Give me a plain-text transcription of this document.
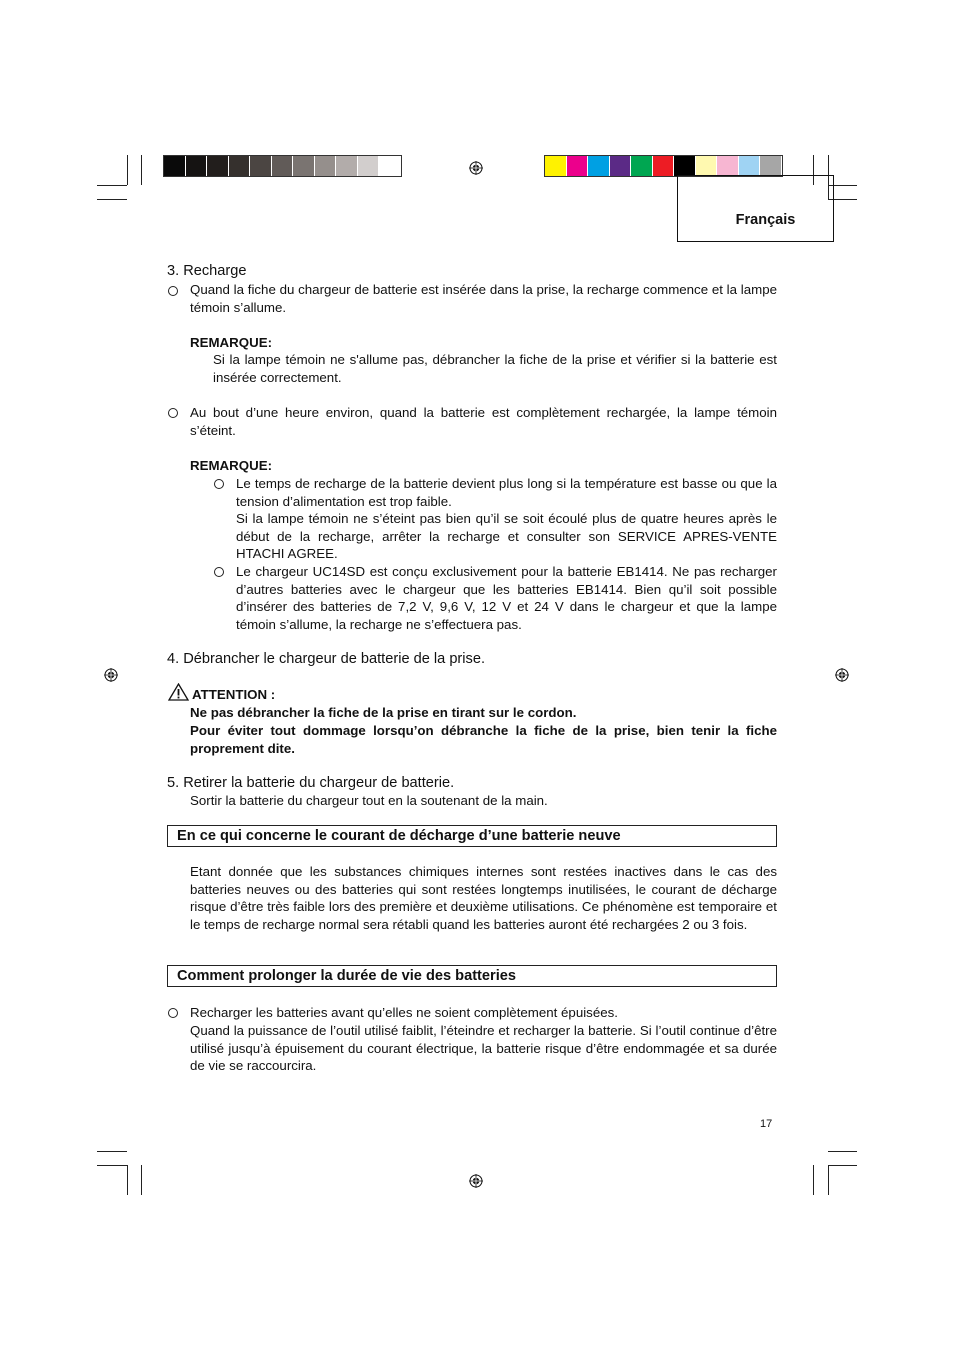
Français
3. Recharge
Quand la fiche du chargeur de batterie est insérée dans la prise, la recharge commence et la lampe témoin s’allume.
REMARQUE:
Si la lampe témoin ne s'allume pas, débrancher la fiche de la prise et vérifier si la batterie est insérée correctement.
Au bout d’une heure environ, quand la batterie est complètement rechargée, la lampe témoin s’éteint.
REMARQUE:
Le temps de recharge de la batterie devient plus long si la température est basse ou que la tension d’alimentation est trop faible.
Si la lampe témoin ne s’éteint pas bien qu’il se soit écoulé plus de quatre heures après le début de la recharge, arrêter la recharge et consulter son SERVICE APRES-VENTE HTACHI AGREE.
Le chargeur UC14SD est conçu exclusivement pour la batterie EB1414. Ne pas recharger d’autres batteries avec le chargeur que les batteries EB1414. Bien qu’il soit possible d’insérer des batteries de 7,2 V, 9,6 V, 12 V et 24 V dans le chargeur et que la lampe témoin s’allume, la recharge ne s’effectuera pas.
4. Débrancher le chargeur de batterie de la prise.
ATTENTION :
Ne pas débrancher la fiche de la prise en tirant sur le cordon.
Pour éviter tout dommage lorsqu’on débranche la fiche de la prise, bien tenir la fiche proprement dite.
5. Retirer la batterie du chargeur de batterie.
Sortir la batterie du chargeur tout en la soutenant de la main.
En ce qui concerne le courant de décharge d’une batterie neuve
Etant donnée que les substances chimiques internes sont restées inactives dans le cas des batteries neuves ou des batteries qui sont restées longtemps inutilisées, le courant de décharge risque d’être très faible lors des première et deuxième utilisations. Ce phénomène est temporaire et le temps de recharge normal sera rétabli quand les batteries auront été rechargées 2 ou 3 fois.
Comment prolonger la durée de vie des batteries
Recharger les batteries avant qu’elles ne soient complètement épuisées.
Quand la puissance de l’outil utilisé faiblit, l’éteindre et recharger la batterie. Si l’outil continue d’être utilisé jusqu’à épuisement du courant électrique, la batterie risque d’être endommagée et sa durée de vie se raccourcira.
17
